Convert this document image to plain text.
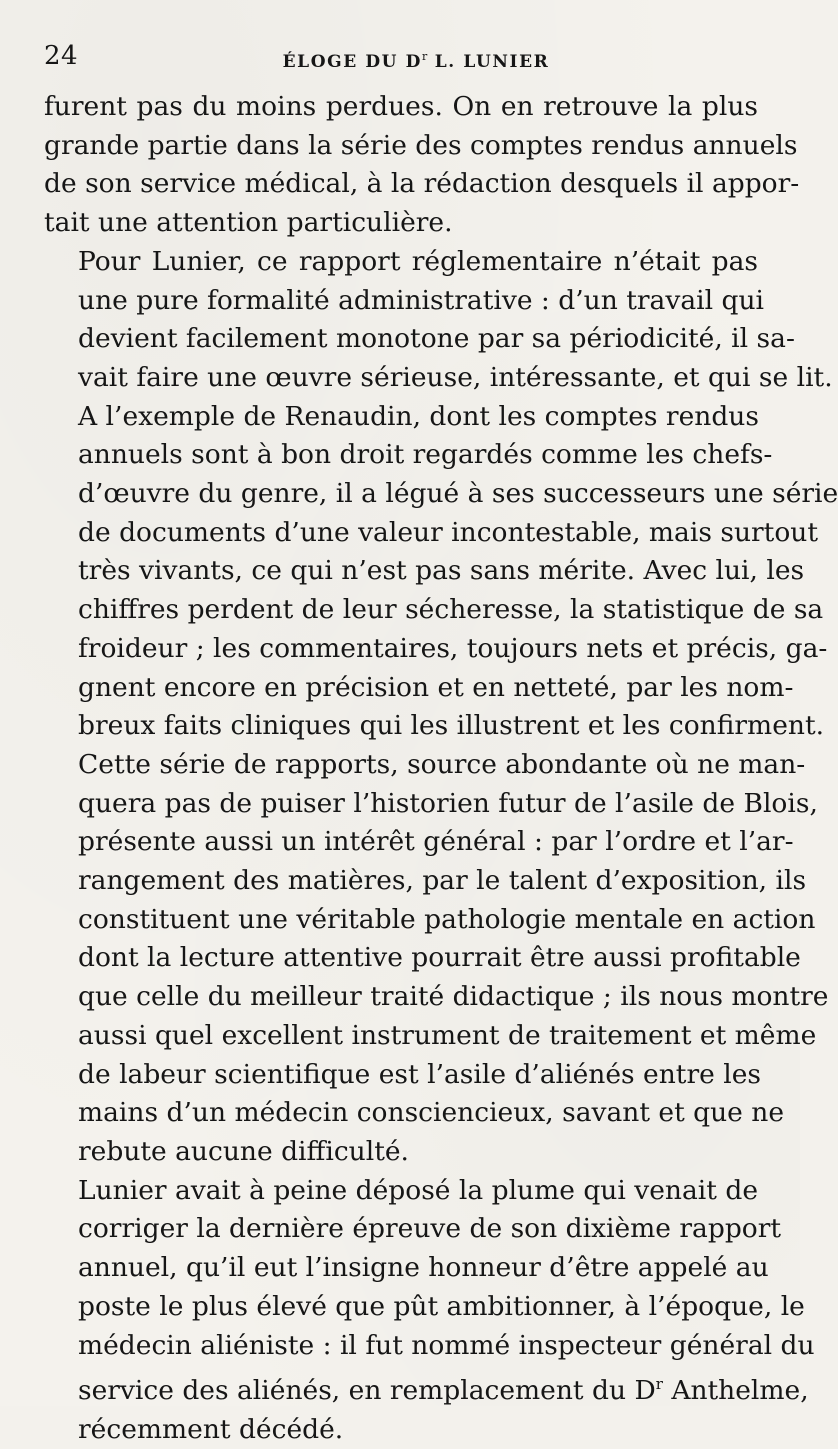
24	ÉLOGE DU $D^r$ L. LUNIER
furent pas du moins perdues. On en retrouve la plus
grande partie dans la série des comptes rendus annuels
de son service médical, à la rédaction desquels il appor-
tait une attention particulière.
Pour Lunier, ce rapport réglementaire n’était pas
une pure formalité administrative : d’un travail qui
devient facilement monotone par sa périodicité, il sa-
vait faire une œuvre sérieuse, intéressante, et qui se lit.
A l’exemple de Renaudin, dont les comptes rendus
annuels sont à bon droit regardés comme les chefs-
d’œuvre du genre, il a légué à ses successeurs une série
de documents d’une valeur incontestable, mais surtout
très vivants, ce qui n’est pas sans mérite. Avec lui, les
chiffres perdent de leur sécheresse, la statistique de sa
froideur ; les commentaires, toujours nets et précis, ga-
gnent encore en précision et en netteté, par les nom-
breux faits cliniques qui les illustrent et les confirment.
Cette série de rapports, source abondante où ne man-
quera pas de puiser l’historien futur de l’asile de Blois,
présente aussi un intérêt général : par l’ordre et l’ar-
rangement des matières, par le talent d’exposition, ils
constituent une véritable pathologie mentale en action
dont la lecture attentive pourrait être aussi profitable
que celle du meilleur traité didactique ; ils nous montre
aussi quel excellent instrument de traitement et même
de labeur scientifique est l’asile d’aliénés entre les
mains d’un médecin consciencieux, savant et que ne
rebute aucune difficulté.
Lunier avait à peine déposé la plume qui venait de
corriger la dernière épreuve de son dixième rapport
annuel, qu’il eut l’insigne honneur d’être appelé au
poste le plus élevé que pût ambitionner, à l’époque, le
médecin aliéniste : il fut nommé inspecteur général du
service des aliénés, en remplacement du $D^r$ Anthelme,
récemment décédé.
